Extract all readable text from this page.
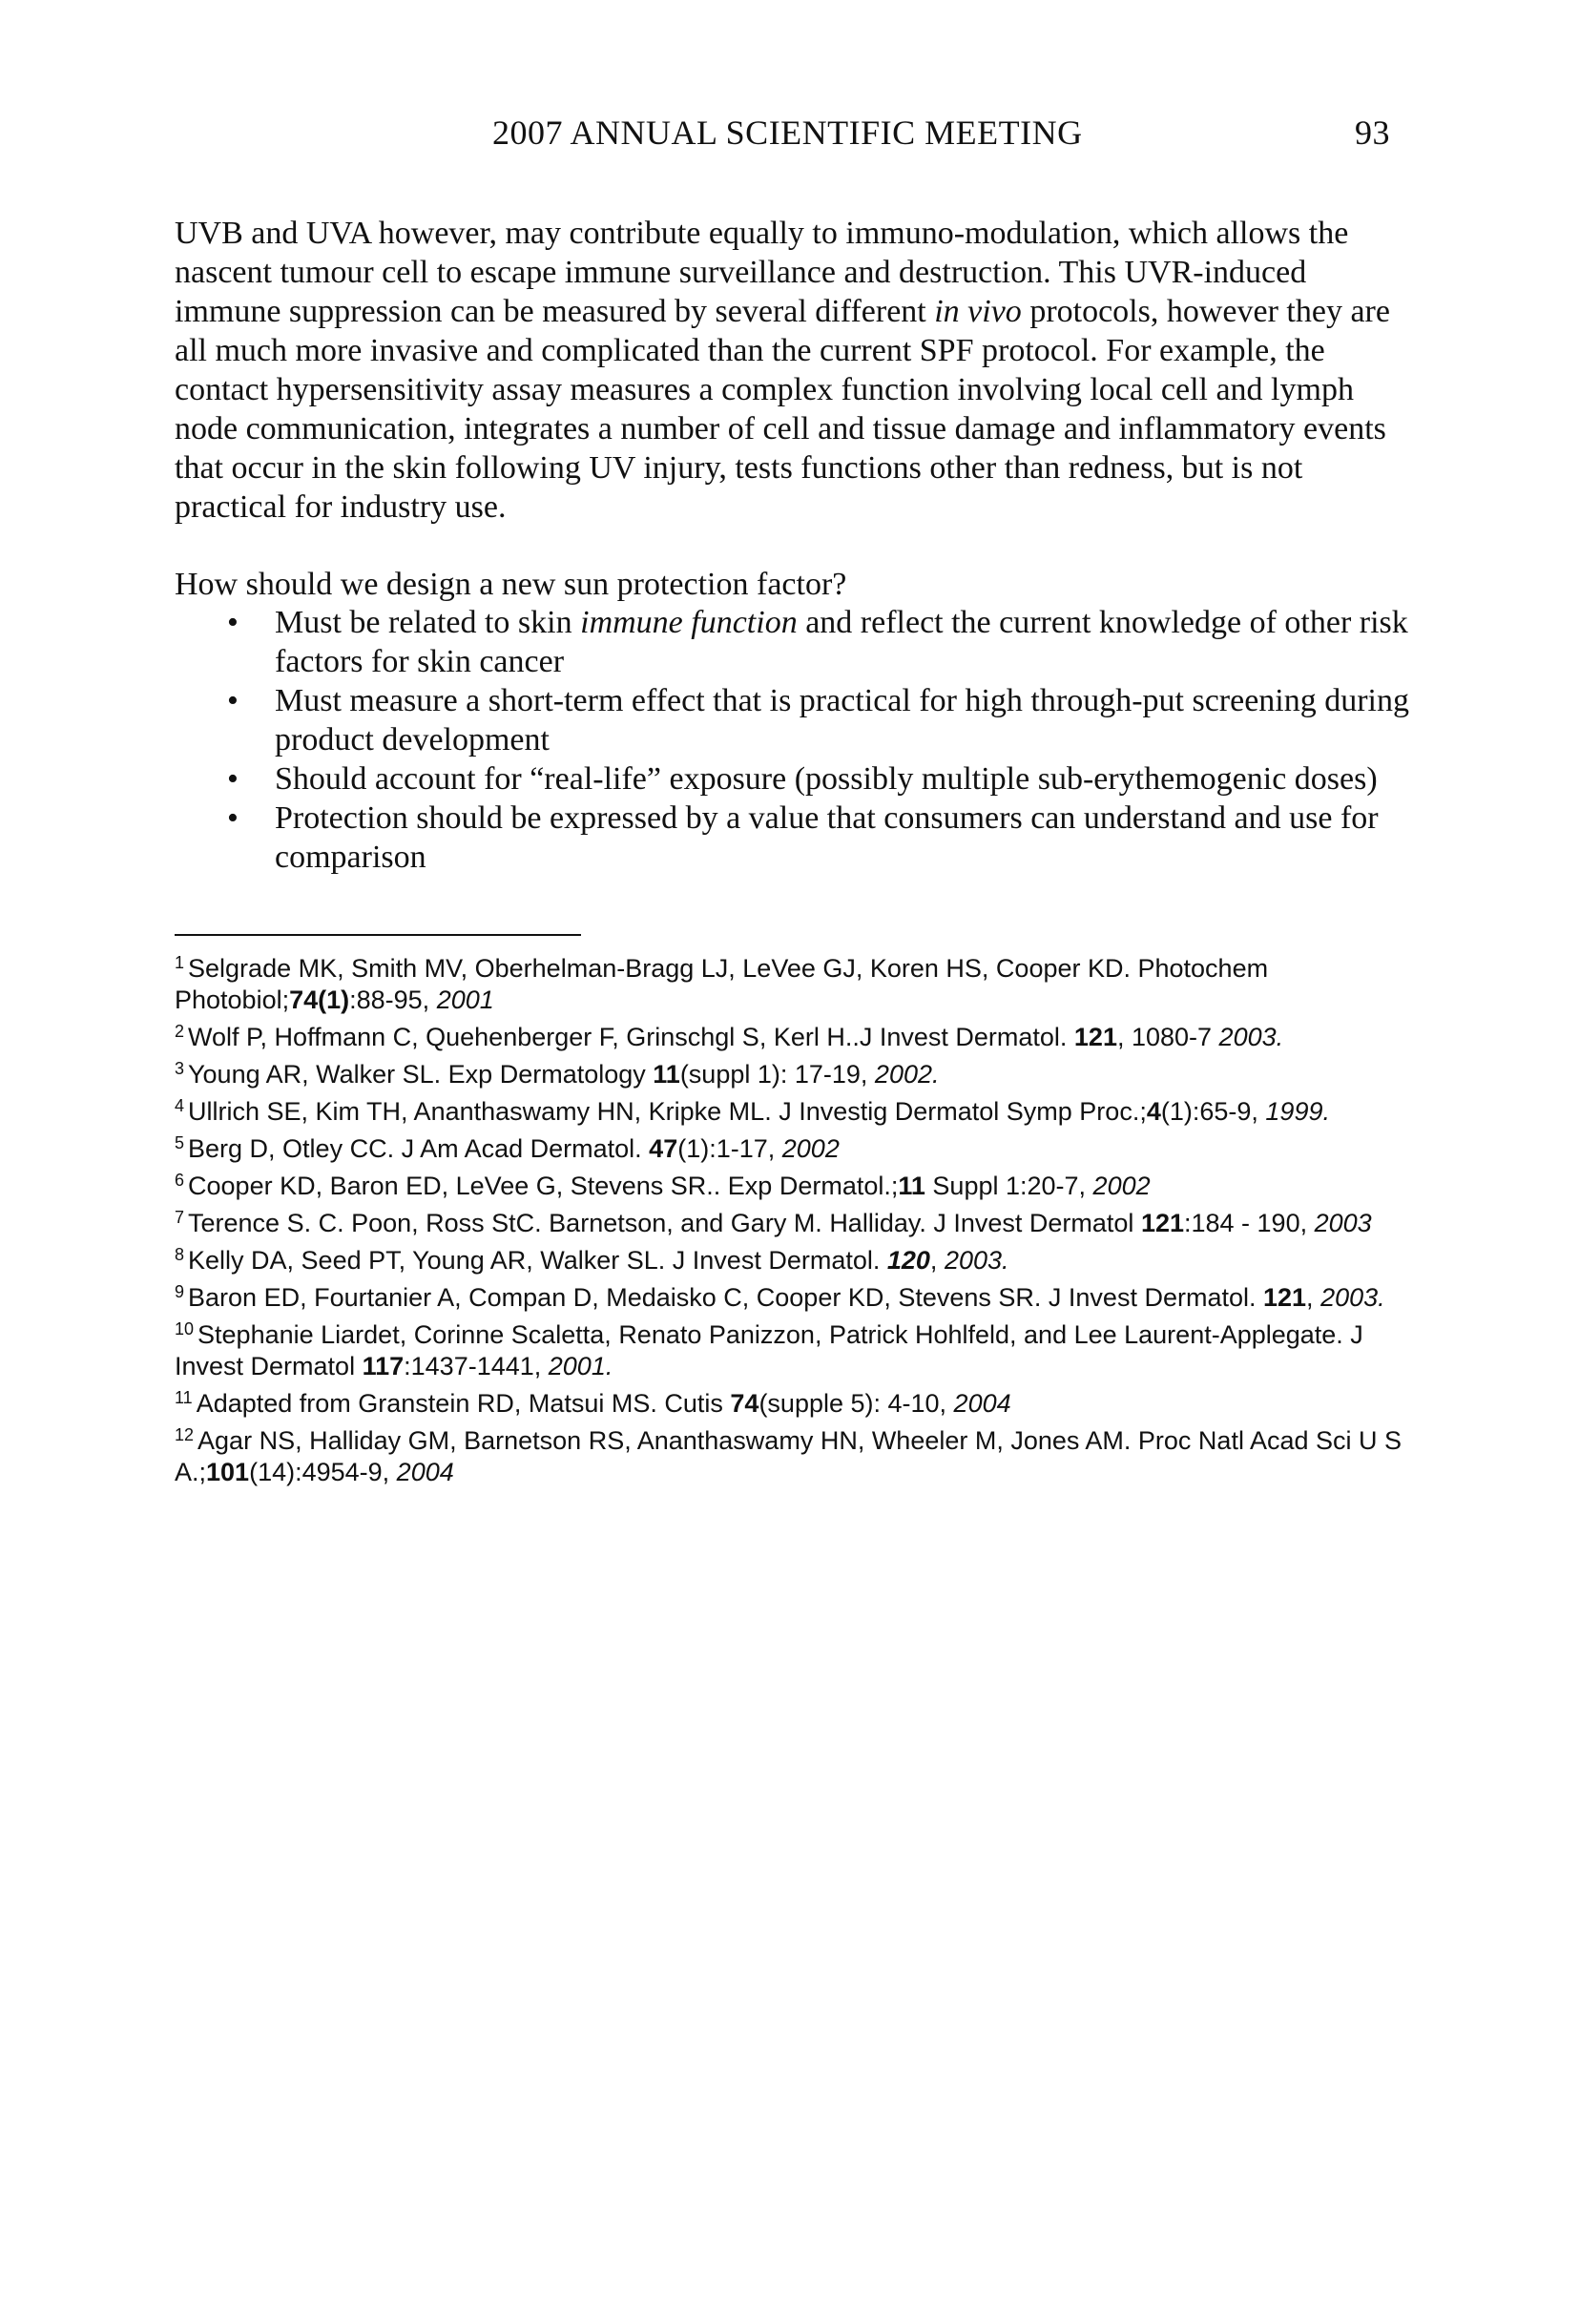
2007 ANNUAL SCIENTIFIC MEETING	93
UVB and UVA however, may contribute equally to immuno-modulation, which allows the nascent tumour cell to escape immune surveillance and destruction. This UVR-induced immune suppression can be measured by several different in vivo protocols, however they are all much more invasive and complicated than the current SPF protocol. For example, the contact hypersensitivity assay measures a complex function involving local cell and lymph node communication, integrates a number of cell and tissue damage and inflammatory events that occur in the skin following UV injury, tests functions other than redness, but is not practical for industry use.
How should we design a new sun protection factor?
• Must be related to skin immune function and reflect the current knowledge of other risk factors for skin cancer
• Must measure a short-term effect that is practical for high through-put screening during product development
• Should account for “real-life” exposure (possibly multiple sub-erythemogenic doses)
• Protection should be expressed by a value that consumers can understand and use for comparison

$^1$ Selgrade MK, Smith MV, Oberhelman-Bragg LJ, LeVee GJ, Koren HS, Cooper KD. Photochem Photobiol;74(1):88-95, 2001

$^2$ Wolf P, Hoffmann C, Quehenberger F, Grinschgl S, Kerl H..J Invest Dermatol. 121, 1080-7 2003.

$^3$ Young AR, Walker SL. Exp Dermatology 11(suppl 1): 17-19, 2002.

$^4$ Ullrich SE, Kim TH, Ananthaswamy HN, Kripke ML. J Investig Dermatol Symp Proc.;4(1):65-9, 1999.

$^5$ Berg D, Otley CC. J Am Acad Dermatol. 47(1):1-17, 2002

$^6$ Cooper KD, Baron ED, LeVee G, Stevens SR.. Exp Dermatol.;11 Suppl 1:20-7, 2002

$^7$ Terence S. C. Poon, Ross StC. Barnetson, and Gary M. Halliday. J Invest Dermatol 121:184 - 190, 2003

$^8$ Kelly DA, Seed PT, Young AR, Walker SL. J Invest Dermatol. 120, 2003.

$^9$ Baron ED, Fourtanier A, Compan D, Medaisko C, Cooper KD, Stevens SR. J Invest Dermatol. 121, 2003.

$^{10}$ Stephanie Liardet, Corinne Scaletta, Renato Panizzon, Patrick Hohlfeld, and Lee Laurent-Applegate. J Invest Dermatol 117:1437-1441, 2001.

$^{11}$ Adapted from Granstein RD, Matsui MS. Cutis 74(supple 5): 4-10, 2004

$^{12}$ Agar NS, Halliday GM, Barnetson RS, Ananthaswamy HN, Wheeler M, Jones AM. Proc Natl Acad Sci U S A.;101(14):4954-9, 2004
